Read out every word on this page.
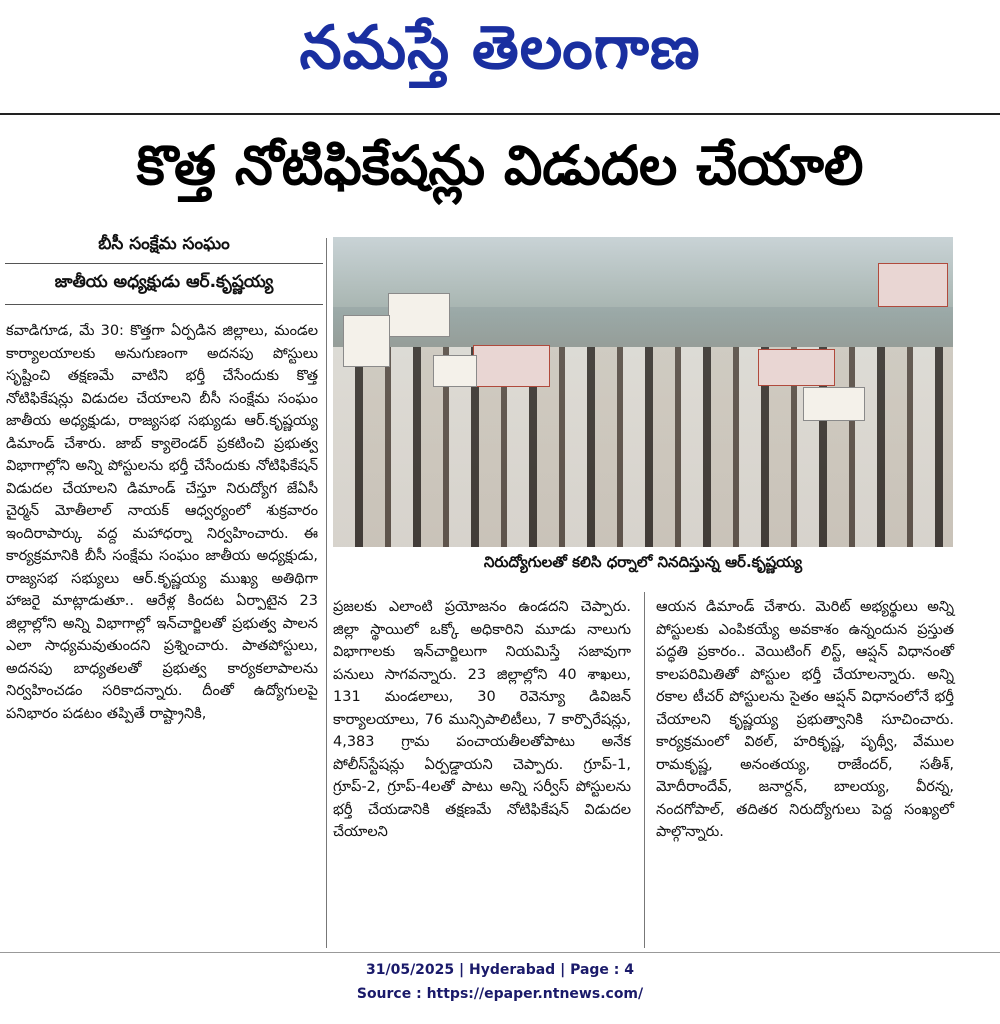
నమస్తే తెలంగాణ
కొత్త నోటిఫికేషన్లు విడుదల చేయాలి
బీసీ సంక్షేమ సంఘం
జాతీయ అధ్యక్షుడు ఆర్.కృష్ణయ్య
నిరుద్యోగులతో కలిసి ధర్నాలో నినదిస్తున్న ఆర్.కృష్ణయ్య

కవాడిగూడ, మే 30: కొత్తగా ఏర్పడిన జిల్లాలు, మండల కార్యాలయాలకు అనుగుణంగా అదనపు పోస్టులు సృష్టించి తక్షణమే వాటిని భర్తీ చేసేందుకు కొత్త నోటిఫికేషన్లు విడుదల చేయాలని బీసీ సంక్షేమ సంఘం జాతీయ అధ్యక్షుడు, రాజ్యసభ సభ్యుడు ఆర్.కృష్ణయ్య డిమాండ్ చేశారు. జాబ్ క్యాలెండర్ ప్రకటించి ప్రభుత్వ విభాగాల్లోని అన్ని పోస్టులను భర్తీ చేసేందుకు నోటిఫికేషన్ విడుదల చేయాలని డిమాండ్ చేస్తూ నిరుద్యోగ జేఏసీ చైర్మన్ మోతీలాల్ నాయక్ ఆధ్వర్యంలో శుక్రవారం ఇందిరాపార్కు వద్ద మహాధర్నా నిర్వహించారు. ఈ కార్యక్రమానికి బీసీ సంక్షేమ సంఘం జాతీయ అధ్యక్షుడు, రాజ్యసభ సభ్యులు ఆర్.కృష్ణయ్య ముఖ్య అతిథిగా హాజరై మాట్లాడుతూ.. ఆరేళ్ల కిందట ఏర్పాటైన 23 జిల్లాల్లోని అన్ని విభాగాల్లో ఇన్‌చార్జిలతో ప్రభుత్వ పాలన ఎలా సాధ్యమవుతుందని ప్రశ్నించారు. పాతపోస్టులు, అదనపు బాధ్యతలతో ప్రభుత్వ కార్యకలాపాలను నిర్వహించడం సరికాదన్నారు. దీంతో ఉద్యోగులపై పనిభారం పడటం తప్పితే రాష్ట్రానికి,

ప్రజలకు ఎలాంటి ప్రయోజనం ఉండదని చెప్పారు. జిల్లా స్థాయిలో ఒక్కో అధికారిని మూడు నాలుగు విభాగాలకు ఇన్‌చార్జిలుగా నియమిస్తే సజావుగా పనులు సాగవన్నారు. 23 జిల్లాల్లోని 40 శాఖలు, 131 మండలాలు, 30 రెవెన్యూ డివిజన్ కార్యాలయాలు, 76 మున్సిపాలిటీలు, 7 కార్పొరేషన్లు, 4,383 గ్రామ పంచాయతీలతోపాటు అనేక పోలీస్‌స్టేషన్లు ఏర్పడ్డాయని చెప్పారు. గ్రూప్-1, గ్రూప్-2, గ్రూప్-4లతో పాటు అన్ని సర్వీస్ పోస్టులను భర్తీ చేయడానికి తక్షణమే నోటిఫికేషన్ విడుదల చేయాలని

ఆయన డిమాండ్ చేశారు. మెరిట్ అభ్యర్థులు అన్ని పోస్టులకు ఎంపికయ్యే అవకాశం ఉన్నందున ప్రస్తుత పద్ధతి ప్రకారం.. వెయిటింగ్ లిస్ట్, ఆప్షన్ విధానంతో కాలపరిమితితో పోస్టుల భర్తీ చేయాలన్నారు. అన్ని రకాల టీచర్ పోస్టులను సైతం ఆప్షన్ విధానంలోనే భర్తీ చేయాలని కృష్ణయ్య ప్రభుత్వానికి సూచించారు. కార్యక్రమంలో విఠల్, హరికృష్ణ, పృథ్వీ, వేముల రామకృష్ణ, అనంతయ్య, రాజేందర్, సతీశ్, మోదీరాందేవ్, జనార్దన్, బాలయ్య, వీరన్న, నందగోపాల్, తదితర నిరుద్యోగులు పెద్ద సంఖ్యలో పాల్గొన్నారు.

31/05/2025 | Hyderabad | Page : 4
Source : https://epaper.ntnews.com/
